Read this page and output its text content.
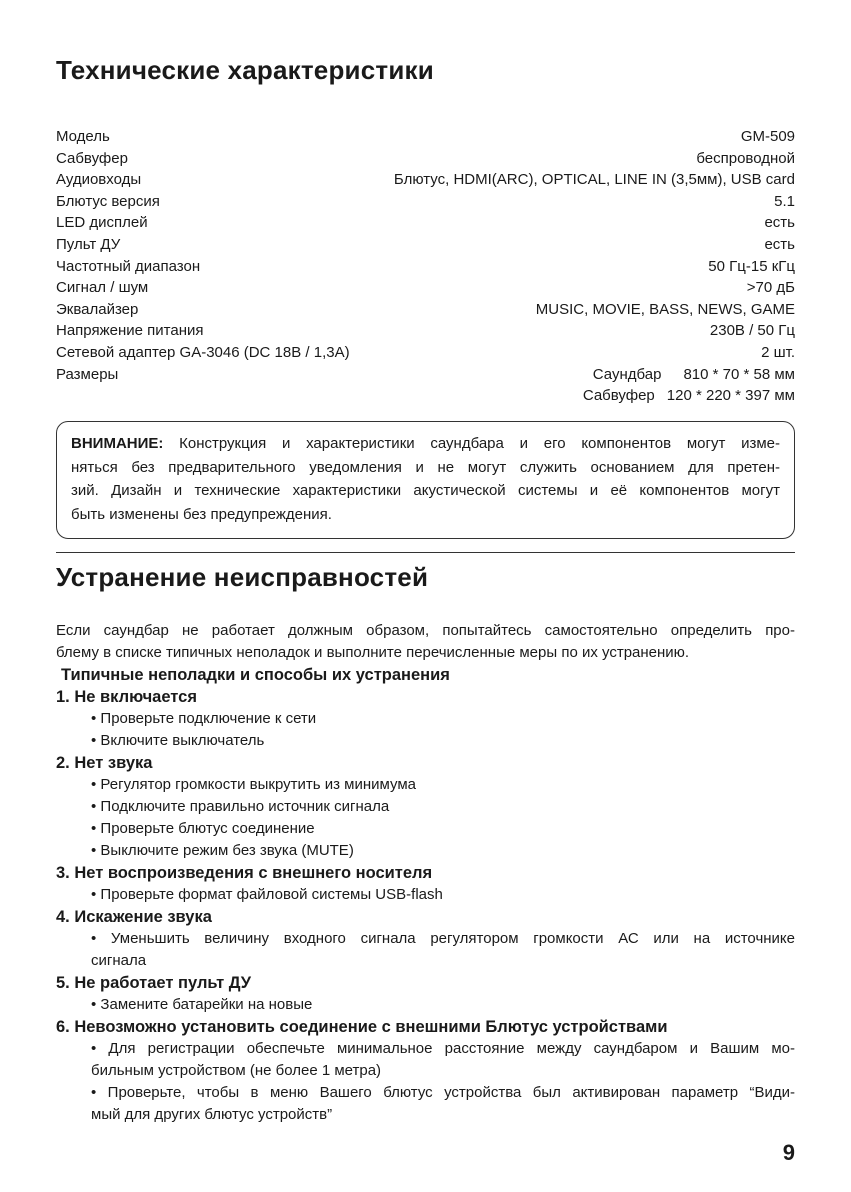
Технические характеристики
Модель	GM-509
Сабвуфер	беспроводной
Аудиовходы	Блютус, HDMI(ARC), OPTICAL, LINE IN (3,5мм), USB card
Блютус версия	5.1
LED дисплей	есть
Пульт ДУ	есть
Частотный диапазон	50 Гц-15 кГц
Сигнал / шум	>70 дБ
Эквалайзер	MUSIC, MOVIE, BASS, NEWS, GAME
Напряжение питания	230В / 50 Гц
Сетевой адаптер GA-3046 (DC 18В / 1,3А)	2 шт.
Размеры	Саундбар 810 * 70 * 58 мм
Сабвуфер 120 * 220 * 397 мм
ВНИМАНИЕ: Конструкция и характеристики саундбара и его компонентов могут изме-
няться без предварительного уведомления и не могут служить основанием для претен-
зий. Дизайн и технические характеристики акустической системы и её компонентов могут
быть изменены без предупреждения.
Устранение неисправностей
Если саундбар не работает должным образом, попытайтесь самостоятельно определить про-
блему в списке типичных неполадок и выполните перечисленные меры по их устранению.
Типичные неполадки и способы их устранения
1. Не включается
• Проверьте подключение к сети
• Включите выключатель
2. Нет звука
• Регулятор громкости выкрутить из минимума
• Подключите правильно источник сигнала
• Проверьте блютус соединение
• Выключите режим без звука (MUTE)
3. Нет воспроизведения с внешнего носителя
• Проверьте формат файловой системы USB-flash
4. Искажение звука
• Уменьшить величину входного сигнала регулятором громкости АС или на источнике
сигнала
5. Не работает пульт ДУ
• Замените батарейки на новые
6. Невозможно установить соединение с внешними Блютус устройствами
• Для регистрации обеспечьте минимальное расстояние между саундбаром и Вашим мо-
бильным устройством (не более 1 метра)
• Проверьте, чтобы в меню Вашего блютус устройства был активирован параметр “Види-
мый для других блютус устройств”
9
